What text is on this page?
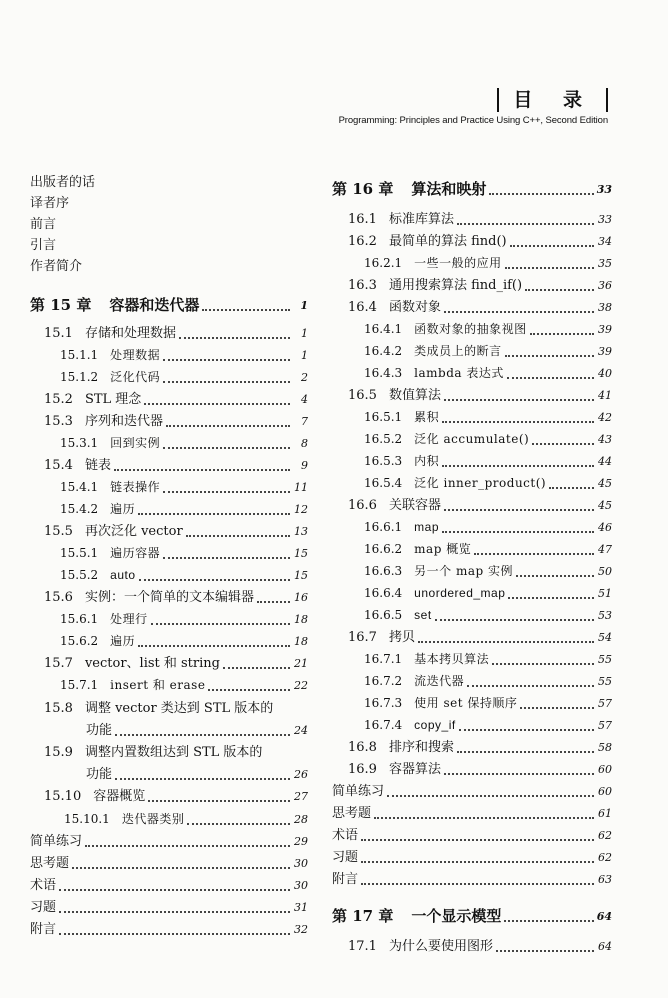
目 录
Programming: Principles and Practice Using C++, Second Edition
出版者的话
译者序
前言
引言
作者简介
第 15 章 容器和迭代器	1
15.1 存储和处理数据	1
15.1.1 处理数据	1
15.1.2 泛化代码	2
15.2 STL 理念	4
15.3 序列和迭代器	7
15.3.1 回到实例	8
15.4 链表	9
15.4.1 链表操作	11
15.4.2 遍历	12
15.5 再次泛化 vector	13
15.5.1 遍历容器	15
15.5.2 auto	15
15.6 实例：一个简单的文本编辑器	16
15.6.1 处理行	18
15.6.2 遍历	18
15.7 vector、list 和 string	21
15.7.1 insert 和 erase	22
15.8 调整 vector 类达到 STL 版本的
功能	24
15.9 调整内置数组达到 STL 版本的
功能	26
15.10 容器概览	27
15.10.1 迭代器类别	28
简单练习	29
思考题	30
术语	30
习题	31
附言	32
第 16 章 算法和映射	33
16.1 标准库算法	33
16.2 最简单的算法 find()	34
16.2.1 一些一般的应用	35
16.3 通用搜索算法 find_if()	36
16.4 函数对象	38
16.4.1 函数对象的抽象视图	39
16.4.2 类成员上的断言	39
16.4.3 lambda 表达式	40
16.5 数值算法	41
16.5.1 累积	42
16.5.2 泛化 accumulate()	43
16.5.3 内积	44
16.5.4 泛化 inner_product()	45
16.6 关联容器	45
16.6.1 map	46
16.6.2 map 概览	47
16.6.3 另一个 map 实例	50
16.6.4 unordered_map	51
16.6.5 set	53
16.7 拷贝	54
16.7.1 基本拷贝算法	55
16.7.2 流迭代器	55
16.7.3 使用 set 保持顺序	57
16.7.4 copy_if	57
16.8 排序和搜索	58
16.9 容器算法	60
简单练习	60
思考题	61
术语	62
习题	62
附言	63
第 17 章 一个显示模型	64
17.1 为什么要使用图形	64
